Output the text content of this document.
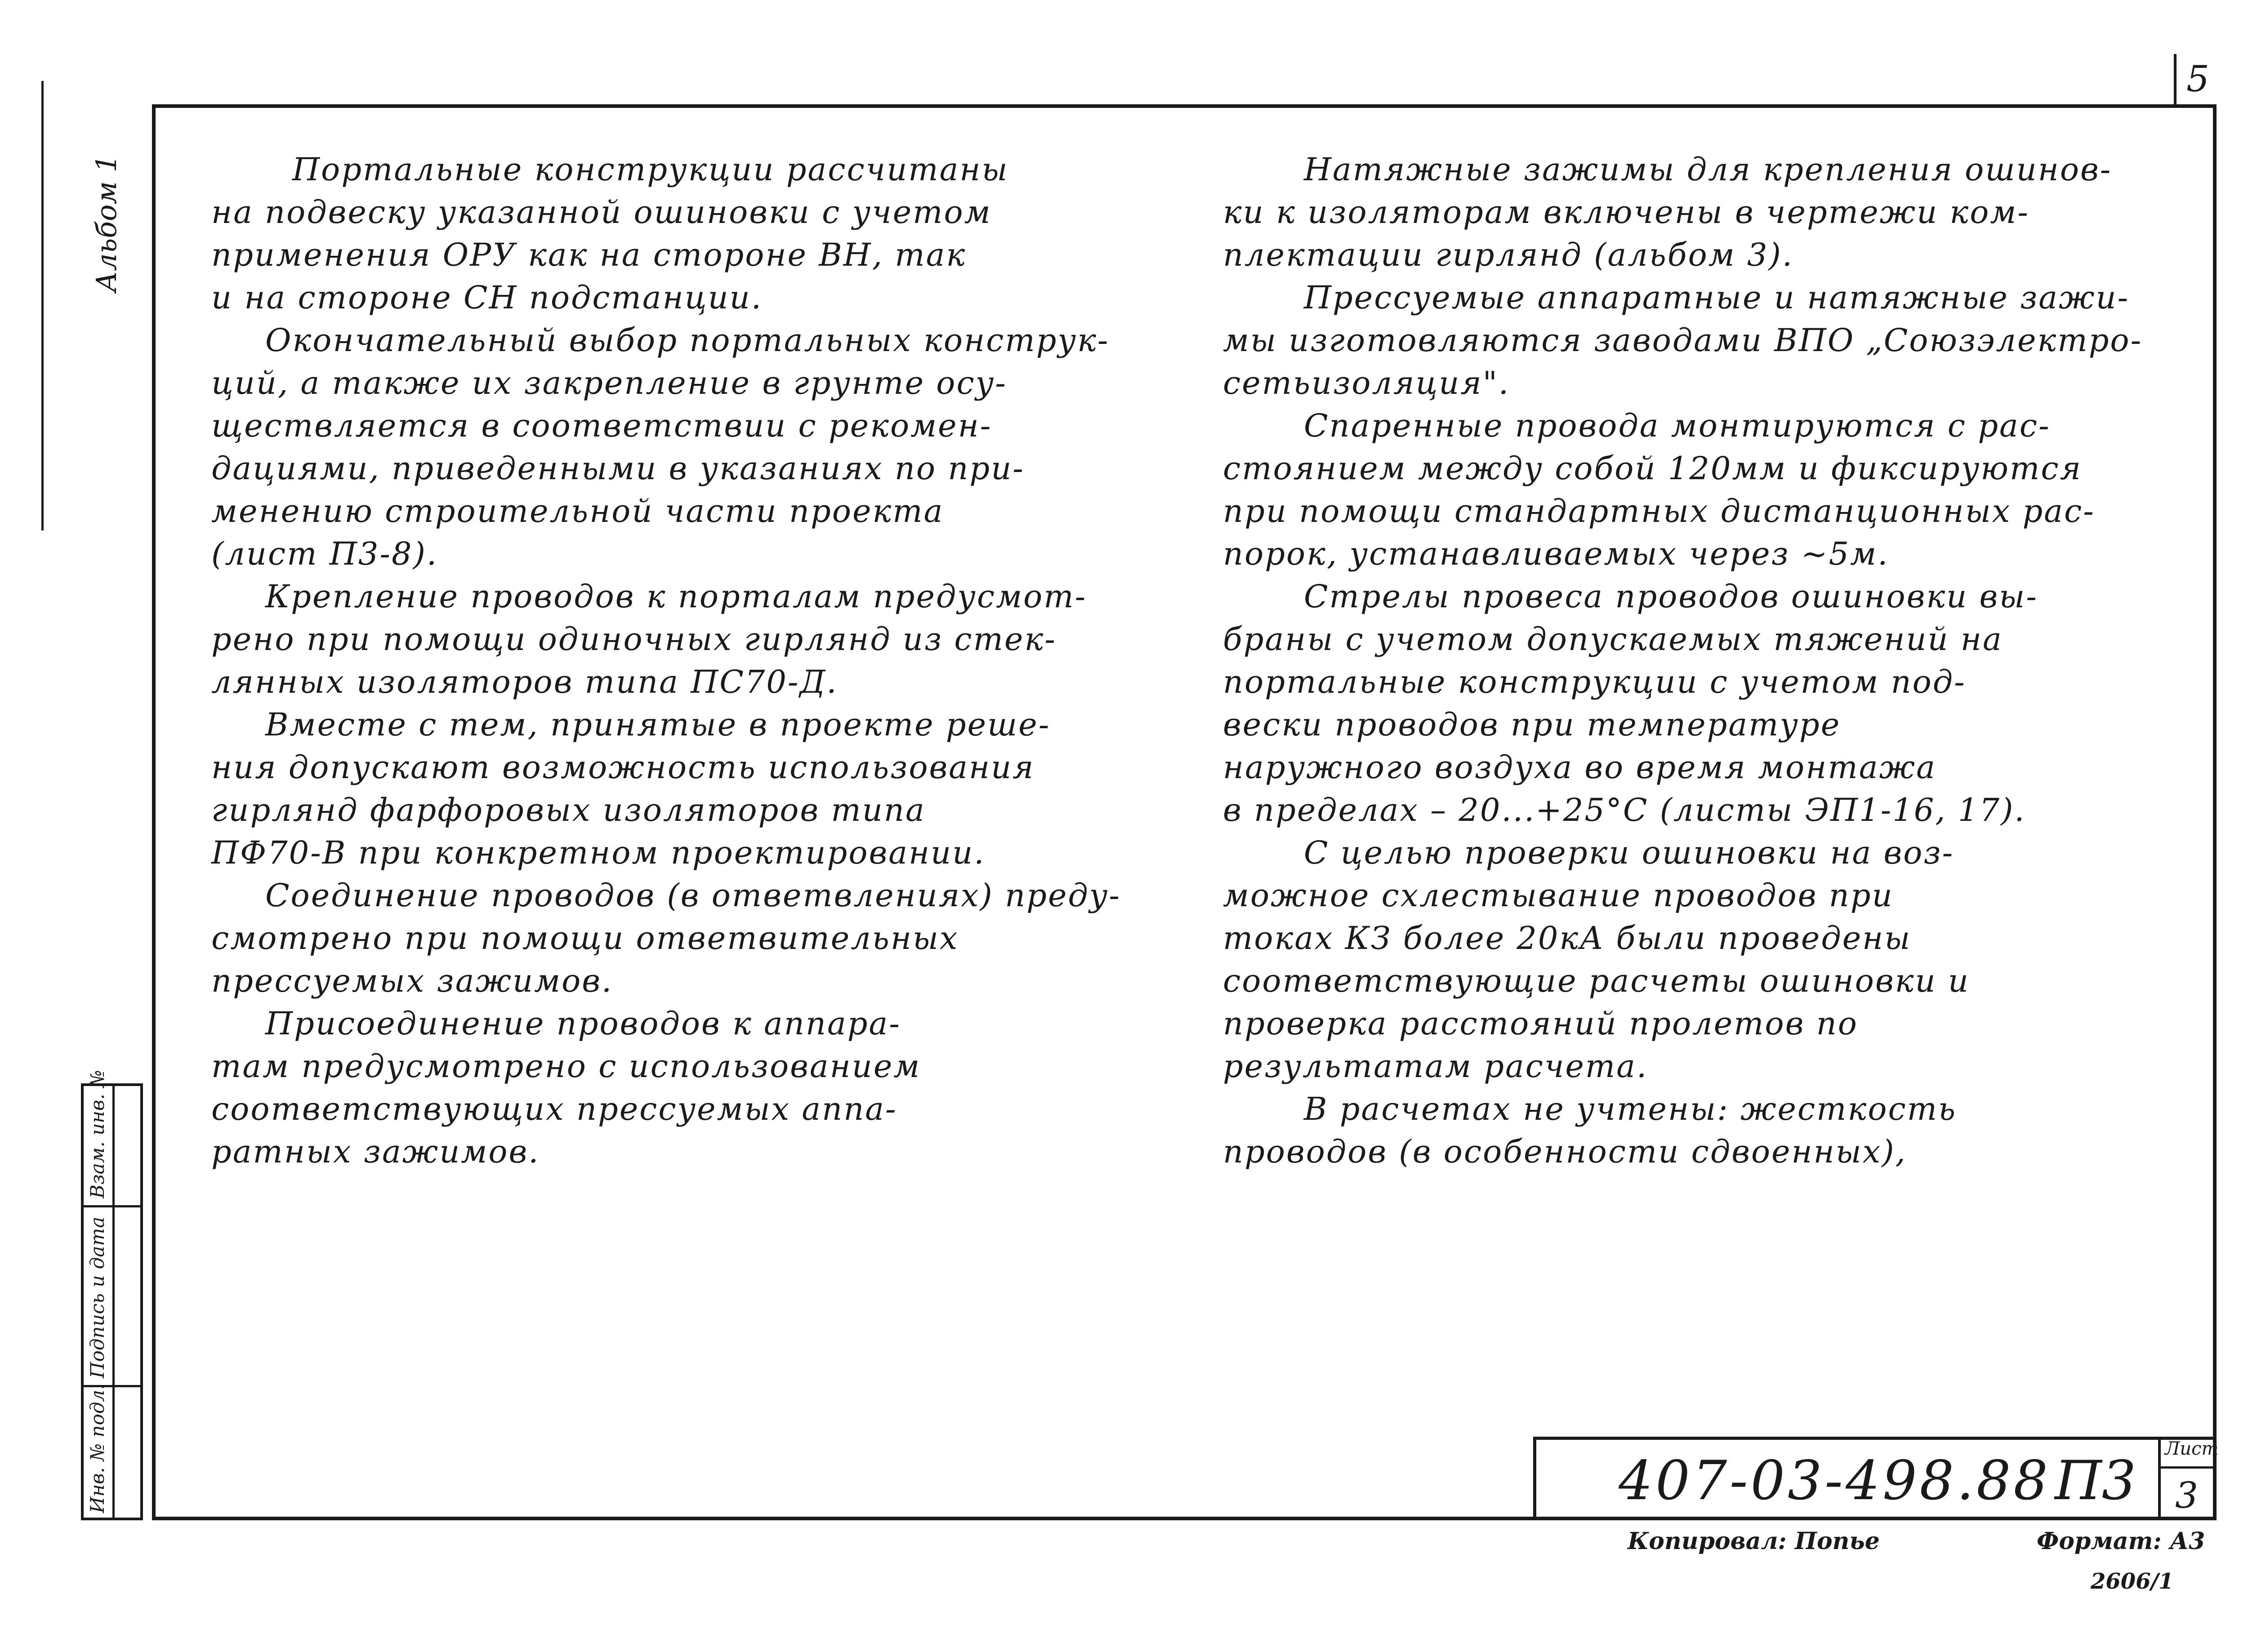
5
Альбом 1
Взам. инв. №
Подпись и дата
Инв. № подл.

Портальные конструкции рассчитаны

на подвеску указанной ошиновки с учетом

применения ОРУ как на стороне ВН, так

и на стороне СН подстанции.

Окончательный выбор портальных конструк-

ций, а также их закрепление в грунте осу-

ществляется в соответствии с рекомен-

дациями, приведенными в указаниях по при-

менению строительной части проекта

(лист П3-8).

Крепление проводов к порталам предусмот-

рено при помощи одиночных гирлянд из стек-

лянных изоляторов типа ПС70-Д.

Вместе с тем, принятые в проекте реше-

ния допускают возможность использования

гирлянд фарфоровых изоляторов типа

ПФ70-В при конкретном проектировании.

Соединение проводов (в ответвлениях) преду-

смотрено при помощи ответвительных

прессуемых зажимов.

Присоединение проводов к аппара-

там предусмотрено с использованием

соответствующих прессуемых аппа-

ратных зажимов.

Натяжные зажимы для крепления ошинов-

ки к изоляторам включены в чертежи ком-

плектации гирлянд (альбом 3).

Прессуемые аппаратные и натяжные зажи-

мы изготовляются заводами ВПО „Союзэлектро-

сетьизоляция".

Спаренные провода монтируются с рас-

стоянием между собой 120мм и фиксируются

при помощи стандартных дистанционных рас-

порок, устанавливаемых через ~5м.

Стрелы провеса проводов ошиновки вы-

браны с учетом допускаемых тяжений на

портальные конструкции с учетом под-

вески проводов при температуре

наружного воздуха во время монтажа

в пределах – 20...+25°С (листы ЭП1-16, 17).

С целью проверки ошиновки на воз-

можное схлестывание проводов при

токах КЗ более 20кА были проведены

соответствующие расчеты ошиновки и

проверка расстояний пролетов по

результатам расчета.

В расчетах не учтены: жесткость

проводов (в особенности сдвоенных),

407-03-498.88 П3
Лист
3
Копировал: Попье	Формат: А3
2606/1
